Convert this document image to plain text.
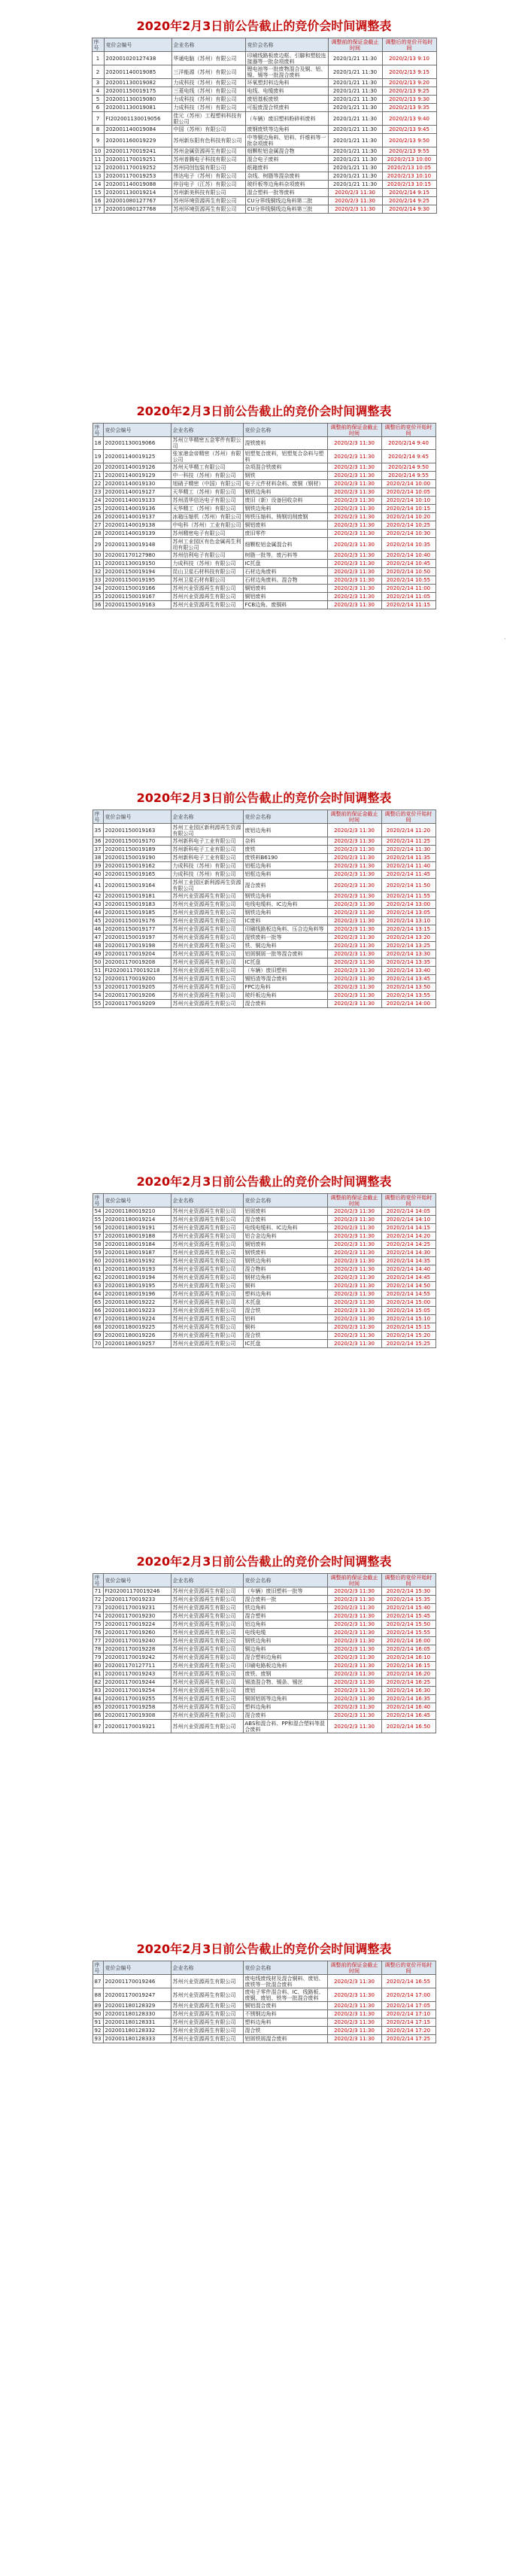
2020年2月3日前公告截止的竞价会时间调整表
序号	竞价会编号	企业名称	竞价会名称	调整前的保证金截止时间	调整后的竞价开始时间
1	202001020127438	华通电脑（苏州）有限公司	印刷线路板废边框、引脚和塑胶连接器等一批杂项废料	2020/1/21 11:30	2020/2/13 9:10
2	202001140019085	三洋能源（苏州）有限公司	锂电池等一批废物混合及铜、铝、镍、锡等一批混合废料	2020/1/21 11:30	2020/2/13 9:15
3	202001130019082	力成科技（苏州）有限公司	环氧塑封料边角料	2020/1/21 11:30	2020/2/13 9:20
4	202001150019175	三菱电线（苏州）有限公司	电线、电缆废料	2020/1/21 11:30	2020/2/13 9:25
5	202001130019080	力成科技（苏州）有限公司	废铝基板废铁	2020/1/21 11:30	2020/2/13 9:30
6	202001130019081	力成科技（苏州）有限公司	可报废混合铁废料	2020/1/21 11:30	2020/2/13 9:35
7	FI202001130019056	佳元（苏州）工程塑料科技有限公司	（车辆）废旧塑料粉碎料废料	2020/1/21 11:30	2020/2/13 9:40
8	202001140019084	中国（苏州）有限公司	废钢废铁等边角料	2020/1/21 11:30	2020/2/13 9:45
9	202001160019229	苏州新东阳有色科技有限公司	中等铜边角料、铝料、纤维料等一批杂项废料	2020/1/21 11:30	2020/2/13 9:50
10	202001170019241	苏州金属资源再生有限公司	细颗粒铝金属混合物	2020/1/21 11:30	2020/2/13 9:55
11	202001170019251	苏州普腾电子科技有限公司	混合电子废料	2020/1/21 11:30	2020/2/13 10:00
12	202001170019252	苏州同创包装有限公司	纸箱废料	2020/1/21 11:30	2020/2/13 10:05
13	202001170019253	伟达电子（苏州）有限公司	杂线、树脂等混杂废料	2020/1/21 11:30	2020/2/13 10:10
14	202001140019088	仲谷电子（江苏）有限公司	玻纤板等边角料杂项废料	2020/1/21 11:30	2020/2/13 10:15
15	202001130019214	苏州新美科技有限公司	混合塑料一批等废料	2020/2/3 11:30	2020/2/14 9:15
16	202001080127767	苏州环境资源再生有限公司	CU分界线铜线边角料第二批	2020/2/3 11:30	2020/2/14 9:25
17	202001080127768	苏州环境资源再生有限公司	CU分界线铜线边角料第三批	2020/2/3 11:30	2020/2/14 9:30
2020年2月3日前公告截止的竞价会时间调整表
序号	竞价会编号	企业名称	竞价会名称	调整前的保证金截止时间	调整后的竞价开始时间
18	202001130019066	苏州立华精密五金零件有限公司	混铁废料	2020/2/3 11:30	2020/2/14 9:40
19	202001140019125	张家港金帝精密（苏州）有限公司	铝塑复合废料，铝塑复合杂料与塑料	2020/2/3 11:30	2020/2/14 9:45
20	202001140019126	苏州天华精工有限公司	杂项混合铁废料	2020/2/3 11:30	2020/2/14 9:50
21	202001140019129	中一科技（苏州）有限公司	钢铁	2020/2/3 11:30	2020/2/14 9:55
22	202001140019130	旭硝子精密（中国）有限公司	电子元件材料杂料、废铜（钢材）	2020/2/3 11:30	2020/2/14 10:00
23	202001140019127	天华精工（苏州）有限公司	钢铁边角料	2020/2/3 11:30	2020/2/14 10:05
24	202001140019133	苏州清华信达电子有限公司	废旧（新）设备回收杂料	2020/2/3 11:30	2020/2/14 10:10
25	202001140019136	天华精工（苏州）有限公司	钢铁边角料	2020/2/3 11:30	2020/2/14 10:15
26	202001140019137	冰箱压缩机（苏州）有限公司	铸铁压缩料、铸钢切削废钢	2020/2/3 11:30	2020/2/14 10:20
27	202001140019138	中电科（苏州）工业有限公司	铜铝废料	2020/2/3 11:30	2020/2/14 10:25
28	202001140019139	苏州精密电子有限公司	废旧零件	2020/2/3 11:30	2020/2/14 10:30
29	202001130019148	苏州工业园区有色金属再生利用有限公司	细颗粒铝金属混合料	2020/2/3 11:30	2020/2/14 10:35
30	202001170127980	苏州信利电子有限公司	树脂一批等，废污料等	2020/2/3 11:30	2020/2/14 10:40
31	202001130019150	力成科技（苏州）有限公司	IC托盘	2020/2/3 11:30	2020/2/14 10:45
32	202001150019194	昆山卫星石材科技有限公司	石材边角废料	2020/2/3 11:30	2020/2/14 10:50
33	202001150019195	苏州卫星石材有限公司	石材边角废料、混合物	2020/2/3 11:30	2020/2/14 10:55
34	202001150019166	苏州兴业资源再生有限公司	铜铝废料	2020/2/3 11:30	2020/2/14 11:00
35	202001150019167	苏州兴业资源再生有限公司	铜铝废料	2020/2/3 11:30	2020/2/14 11:05
36	202001150019163	苏州兴业资源再生有限公司	FCB边角、废铜料	2020/2/3 11:30	2020/2/14 11:15
2020年2月3日前公告截止的竞价会时间调整表
序号	竞价会编号	企业名称	竞价会名称	调整前的保证金截止时间	调整后的竞价开始时间
35	202001150019163	苏州工业园区新利源再生资源有限公司	废铝边角料	2020/2/3 11:30	2020/2/14 11:20
36	202001150019170	苏州新科电子工业有限公司	杂料	2020/2/3 11:30	2020/2/14 11:25
37	202001150019189	苏州新科电子工业有限公司	废铁	2020/2/3 11:30	2020/2/14 11:30
38	202001150019190	苏州新科电子工业有限公司	废铁料B6190	2020/2/3 11:30	2020/2/14 11:35
39	202001150019162	力成科技（苏州）有限公司	铝框边角料	2020/2/3 11:30	2020/2/14 11:40
40	202001150019165	力成科技（苏州）有限公司	铝框边角料	2020/2/3 11:30	2020/2/14 11:45
41	202001150019164	苏州工业园区新利源再生资源有限公司	混合废料	2020/2/3 11:30	2020/2/14 11:50
42	202001150019181	苏州兴业资源再生有限公司	钢铁边角料	2020/2/3 11:30	2020/2/14 11:55
43	202001150019183	苏州兴业资源再生有限公司	电线电缆料、IC边角料	2020/2/3 11:30	2020/2/14 13:00
44	202001150019185	苏州兴业资源再生有限公司	钢铁边角料	2020/2/3 11:30	2020/2/14 13:05
45	202001150019176	苏州兴业资源再生有限公司	IC废料	2020/2/3 11:30	2020/2/14 13:10
46	202001150019177	苏州兴业资源再生有限公司	印刷线路板边角料、压合边角料等	2020/2/3 11:30	2020/2/14 13:15
47	202001150019197	苏州兴业资源再生有限公司	混铁废料一批等	2020/2/3 11:30	2020/2/14 13:20
48	202001170019198	苏州兴业资源再生有限公司	铁、铜边角料	2020/2/3 11:30	2020/2/14 13:25
49	202001170019204	苏州兴业资源再生有限公司	铝屑铜屑一批等混合废料	2020/2/3 11:30	2020/2/14 13:30
50	202001170019208	苏州兴业资源再生有限公司	IC托盘	2020/2/3 11:30	2020/2/14 13:35
51	FI202001170019218	苏州兴业资源再生有限公司	（车辆）废旧塑料	2020/2/3 11:30	2020/2/14 13:40
52	202001170019200	苏州兴业资源再生有限公司	锡铅渣等混合废料	2020/2/3 11:30	2020/2/14 13:45
53	202001170019205	苏州兴业资源再生有限公司	FPC边角料	2020/2/3 11:30	2020/2/14 13:50
54	202001170019206	苏州兴业资源再生有限公司	玻纤板边角料	2020/2/3 11:30	2020/2/14 13:55
55	202001170019209	苏州兴业资源再生有限公司	混合废料	2020/2/3 11:30	2020/2/14 14:00
2020年2月3日前公告截止的竞价会时间调整表
序号	竞价会编号	企业名称	竞价会名称	调整前的保证金截止时间	调整后的竞价开始时间
54	202001180019210	苏州兴业资源再生有限公司	铝屑废料	2020/2/3 11:30	2020/2/14 14:05
55	202001180019214	苏州兴业资源再生有限公司	混合废料	2020/2/3 11:30	2020/2/14 14:10
56	202001180019191	苏州兴业资源再生有限公司	电线电缆料、IC边角料	2020/2/3 11:30	2020/2/14 14:15
57	202001180019188	苏州兴业资源再生有限公司	铝合金边角料	2020/2/3 11:30	2020/2/14 14:20
58	202001180019184	苏州兴业资源再生有限公司	铜铝废料	2020/2/3 11:30	2020/2/14 14:25
59	202001180019187	苏州兴业资源再生有限公司	钢铁废料	2020/2/3 11:30	2020/2/14 14:30
60	202001180019192	苏州兴业资源再生有限公司	钢铁边角料	2020/2/3 11:30	2020/2/14 14:35
61	202001180019193	苏州兴业资源再生有限公司	混合物料	2020/2/3 11:30	2020/2/14 14:40
62	202001180019194	苏州兴业资源再生有限公司	钢材边角料	2020/2/3 11:30	2020/2/14 14:45
63	202001180019195	苏州兴业资源再生有限公司	铜料	2020/2/3 11:30	2020/2/14 14:50
64	202001180019196	苏州兴业资源再生有限公司	塑料边角料	2020/2/3 11:30	2020/2/14 14:55
65	202001180019222	苏州兴业资源再生有限公司	木托盘	2020/2/3 11:30	2020/2/14 15:00
66	202001180019223	苏州兴业资源再生有限公司	混合铁	2020/2/3 11:30	2020/2/14 15:05
67	202001180019224	苏州兴业资源再生有限公司	铝料	2020/2/3 11:30	2020/2/14 15:10
68	202001180019225	苏州兴业资源再生有限公司	铜料	2020/2/3 11:30	2020/2/14 15:15
69	202001180019226	苏州兴业资源再生有限公司	混合铁	2020/2/3 11:30	2020/2/14 15:20
70	202001180019257	苏州兴业资源再生有限公司	IC托盘	2020/2/3 11:30	2020/2/14 15:25
2020年2月3日前公告截止的竞价会时间调整表
序号	竞价会编号	企业名称	竞价会名称	调整前的保证金截止时间	调整后的竞价开始时间
71	FI202001170019246	苏州兴业资源再生有限公司	（车辆）废旧塑料一批等	2020/2/3 11:30	2020/2/14 15:30
72	202001170019233	苏州兴业资源再生有限公司	混合废料一批	2020/2/3 11:30	2020/2/14 15:35
73	202001170019231	苏州兴业资源再生有限公司	铁边角料	2020/2/3 11:30	2020/2/14 15:40
74	202001170019230	苏州兴业资源再生有限公司	混合塑料	2020/2/3 11:30	2020/2/14 15:45
75	202001170019224	苏州兴业资源再生有限公司	铝边角料	2020/2/3 11:30	2020/2/14 15:50
76	202001170019260	苏州兴业资源再生有限公司	电线电缆	2020/2/3 11:30	2020/2/14 15:55
77	202001170019240	苏州兴业资源再生有限公司	钢铁边角料	2020/2/3 11:30	2020/2/14 16:00
78	202001170019228	苏州兴业资源再生有限公司	铜边角料	2020/2/3 11:30	2020/2/14 16:05
79	202001170019242	苏州兴业资源再生有限公司	混合塑料边角料	2020/2/3 11:30	2020/2/14 16:10
80	202001170127711	苏州兴业资源再生有限公司	印刷电路板边角料	2020/2/3 11:30	2020/2/14 16:15
81	202001170019243	苏州兴业资源再生有限公司	废铁、废钢	2020/2/3 11:30	2020/2/14 16:20
82	202001170019244	苏州兴业资源再生有限公司	锡渣混合物、锡条、锡丝	2020/2/3 11:30	2020/2/14 16:25
83	202001170019254	苏州兴业资源再生有限公司	废铝	2020/2/3 11:30	2020/2/14 16:30
84	202001170019255	苏州兴业资源再生有限公司	铜屑铝屑等边角料	2020/2/3 11:30	2020/2/14 16:35
85	202001170019258	苏州兴业资源再生有限公司	塑料边角料	2020/2/3 11:30	2020/2/14 16:40
86	202001170019308	苏州兴业资源再生有限公司	混合废料	2020/2/3 11:30	2020/2/14 16:45
87	202001170019321	苏州兴业资源再生有限公司	ABS和混合料、PP和混合塑料等混合废料	2020/2/3 11:30	2020/2/14 16:50
2020年2月3日前公告截止的竞价会时间调整表
序号	竞价会编号	企业名称	竞价会名称	调整前的保证金截止时间	调整后的竞价开始时间
87	202001170019246	苏州兴业资源再生有限公司	废电线废线材及混合铜料、废铝、废铁等一批混合废料	2020/2/3 11:30	2020/2/14 16:55
88	202001170019247	苏州兴业资源再生有限公司	废电子零件混合料、IC、线路板、废铜、废铝、铁等一批混合废料	2020/2/3 11:30	2020/2/14 17:00
89	202001180128329	苏州兴业资源再生有限公司	铜铝混合废料	2020/2/3 11:30	2020/2/14 17:05
90	202001180128330	苏州兴业资源再生有限公司	不锈钢边角料	2020/2/3 11:30	2020/2/14 17:10
91	202001180128331	苏州兴业资源再生有限公司	塑料边角料	2020/2/3 11:30	2020/2/14 17:15
92	202001180128332	苏州兴业资源再生有限公司	混合铁	2020/2/3 11:30	2020/2/14 17:20
93	202001180128333	苏州兴业资源再生有限公司	铝屑铁屑混合废料	2020/2/3 11:30	2020/2/14 17:25
·
